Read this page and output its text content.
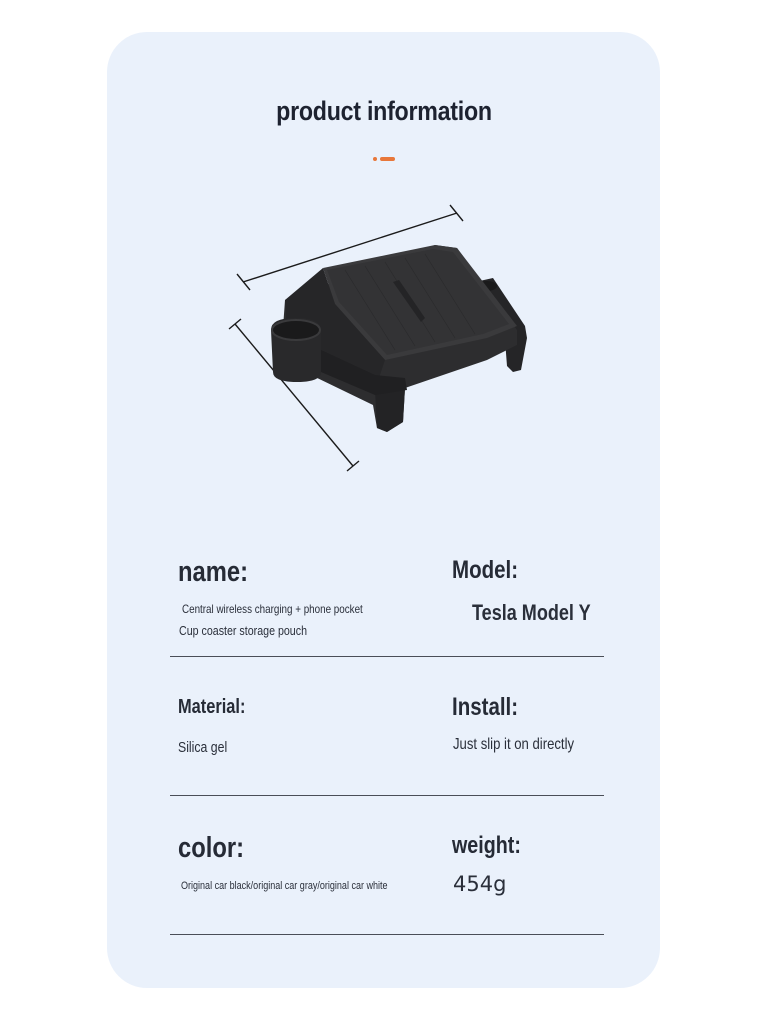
product information
name:
Central wireless charging + phone pocket
Cup coaster storage pouch
Model:
Tesla Model Y
Material:
Silica gel
Install:
Just slip it on directly
color:
Original car black/original car gray/original car white
weight:
454g
